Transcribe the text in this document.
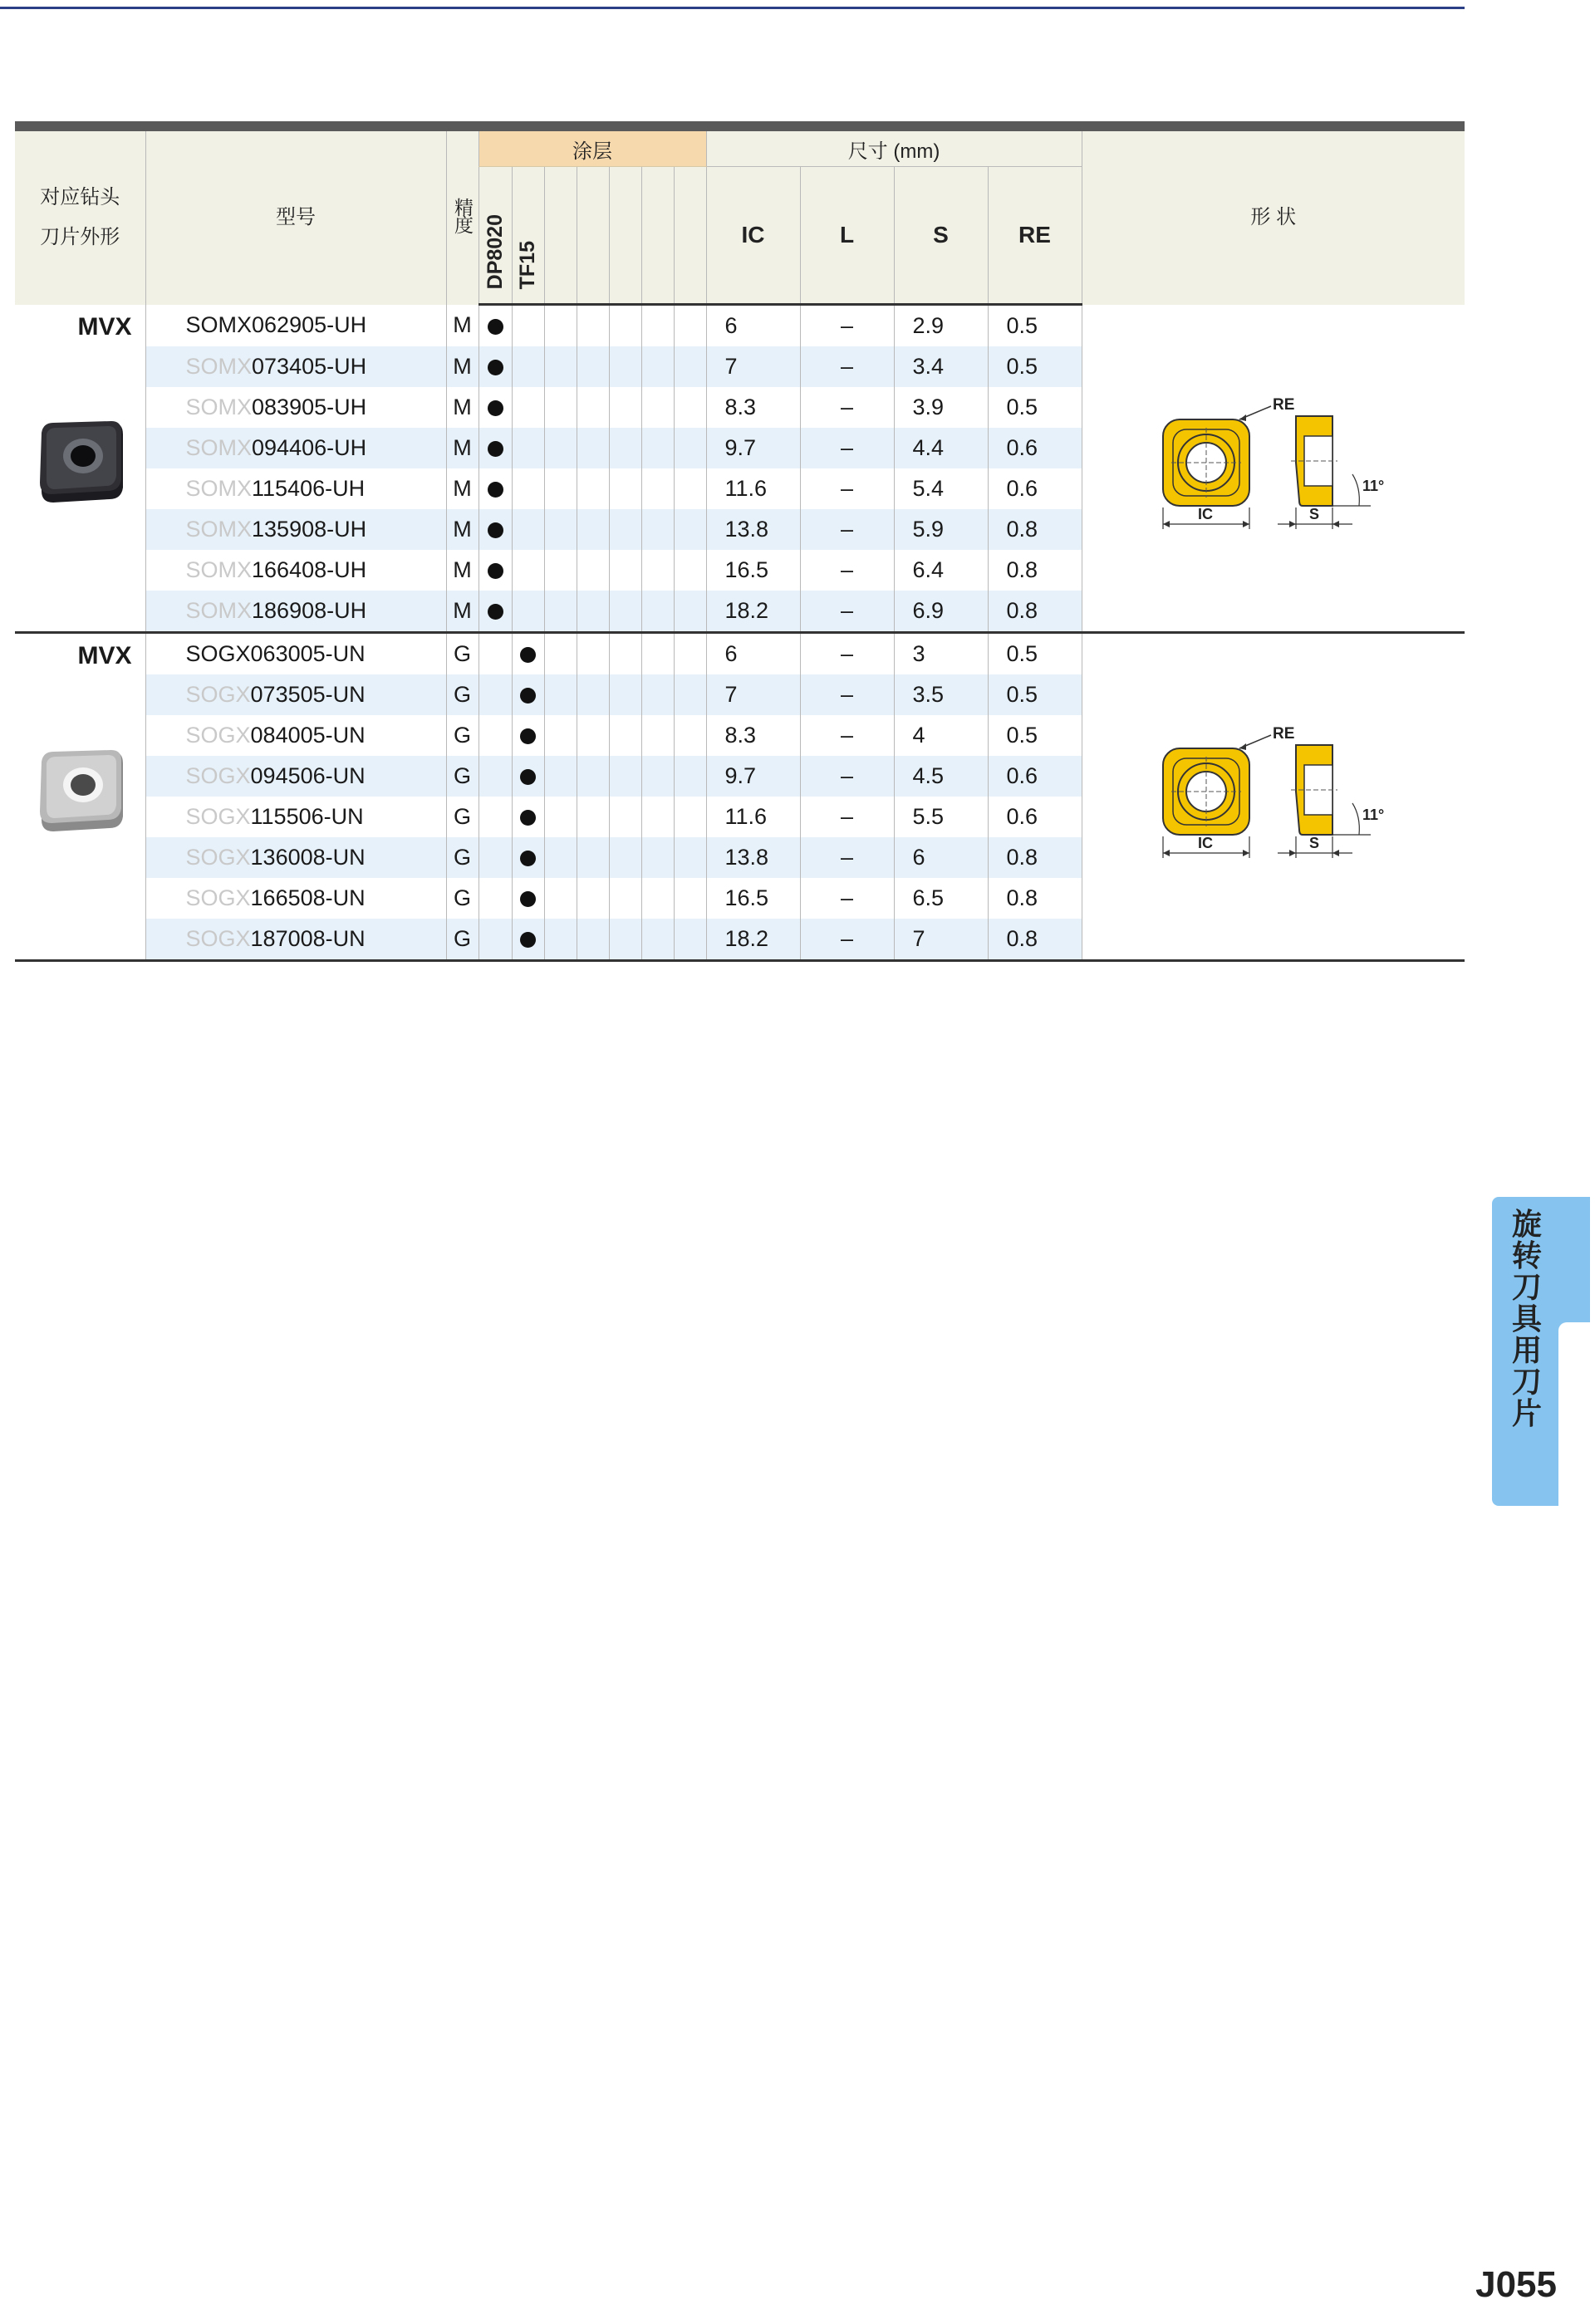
对应钻头
刀片外形	型号	精度	涂层							尺寸 (mm)				形 状
			DP8020	TF15						IC	L	S	RE	

MVX	SOMX062905-UH	M								6	–	2.9	0.5	RE
IC
11°
S

	SOMX073405-UH	M								7	–	3.4	0.5	
	SOMX083905-UH	M								8.3	–	3.9	0.5	
	SOMX094406-UH	M								9.7	–	4.4	0.6	
	SOMX115406-UH	M								11.6	–	5.4	0.6	
	SOMX135908-UH	M								13.8	–	5.9	0.8	
	SOMX166408-UH	M								16.5	–	6.4	0.8	
	SOMX186908-UH	M								18.2	–	6.9	0.8	

MVX	SOGX063005-UN	G								6	–	3	0.5	RE
IC
11°
S

	SOGX073505-UN	G								7	–	3.5	0.5	
	SOGX084005-UN	G								8.3	–	4	0.5	
	SOGX094506-UN	G								9.7	–	4.5	0.6	
	SOGX115506-UN	G								11.6	–	5.5	0.6	
	SOGX136008-UN	G								13.8	–	6	0.8	
	SOGX166508-UN	G								16.5	–	6.5	0.8	
	SOGX187008-UN	G								18.2	–	7	0.8	
旋转刀具用刀片
J055
